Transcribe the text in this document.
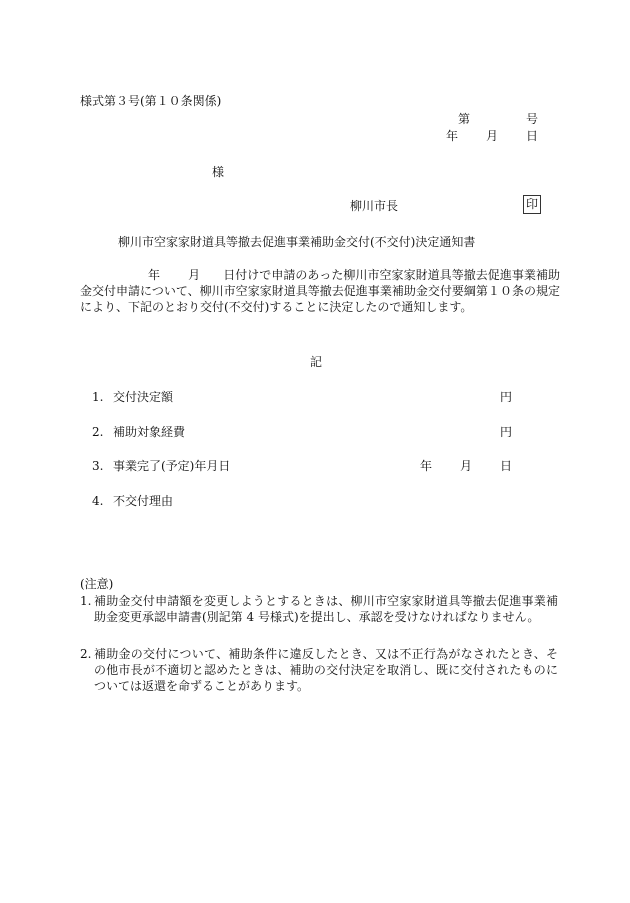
様式第３号(第１０条関係)
第	号
年 月 日
様
柳川市長	印
柳川市空家家財道具等撤去促進事業補助金交付(不交付)決定通知書
年 月 日付けで申請のあった柳川市空家家財道具等撤去促進事業補助金交付申請について、柳川市空家家財道具等撤去促進事業補助金交付要綱第１０条の規定により、下記のとおり交付(不交付)することに決定したので通知します。
記
1. 交付決定額	円
2. 補助対象経費	円
3. 事業完了(予定)年月日	年 月 日
4. 不交付理由
(注意)
1. 補助金交付申請額を変更しようとするときは、柳川市空家家財道具等撤去促進事業補助金変更承認申請書(別記第 4 号様式)を提出し、承認を受けなければなりません。
2. 補助金の交付について、補助条件に違反したとき、又は不正行為がなされたとき、その他市長が不適切と認めたときは、補助の交付決定を取消し、既に交付されたものについては返還を命ずることがあります。
